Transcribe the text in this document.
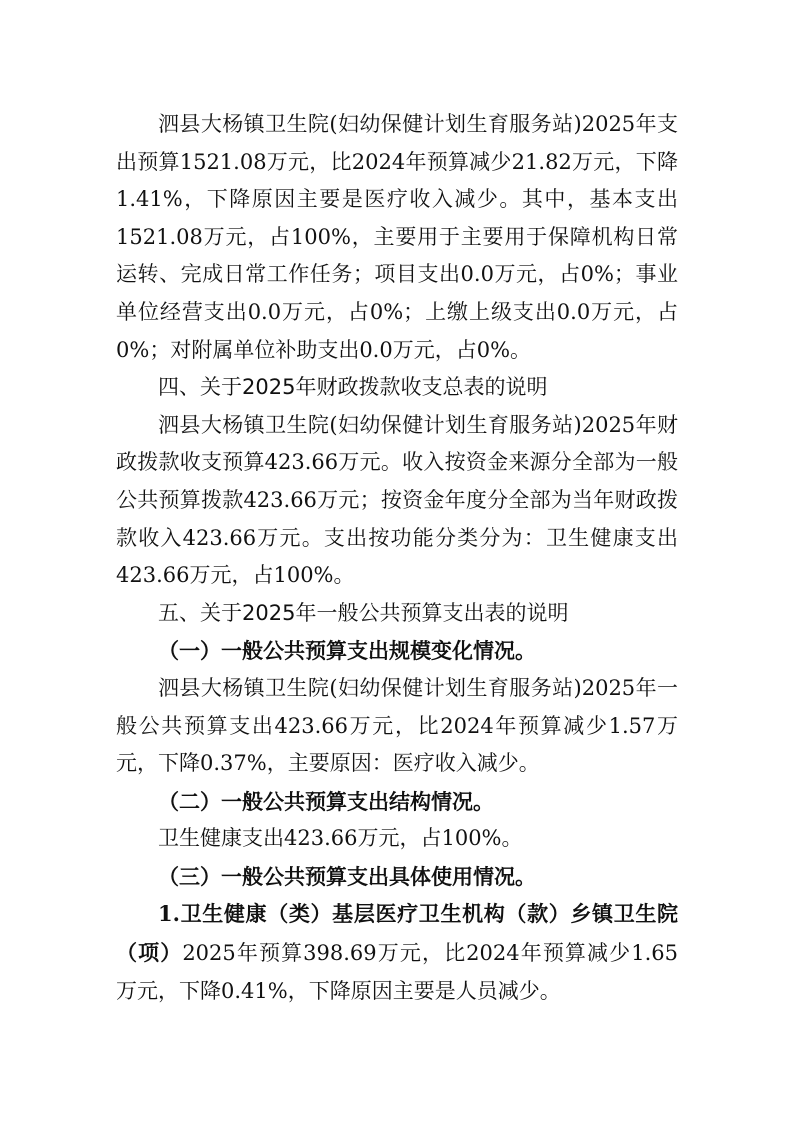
泗县大杨镇卫生院(妇幼保健计划生育服务站)2025年支出预算1521.08万元，比2024年预算减少21.82万元，下降1.41%，下降原因主要是医疗收入减少。其中，基本支出1521.08万元，占100%，主要用于主要用于保障机构日常运转、完成日常工作任务；项目支出0.0万元，占0%；事业单位经营支出0.0万元，占0%；上缴上级支出0.0万元，占0%；对附属单位补助支出0.0万元，占0%。

四、关于2025年财政拨款收支总表的说明

泗县大杨镇卫生院(妇幼保健计划生育服务站)2025年财政拨款收支预算423.66万元。收入按资金来源分全部为一般公共预算拨款423.66万元；按资金年度分全部为当年财政拨款收入423.66万元。支出按功能分类分为：卫生健康支出423.66万元，占100%。

五、关于2025年一般公共预算支出表的说明

（一）一般公共预算支出规模变化情况。

泗县大杨镇卫生院(妇幼保健计划生育服务站)2025年一般公共预算支出423.66万元，比2024年预算减少1.57万元，下降0.37%，主要原因：医疗收入减少。

（二）一般公共预算支出结构情况。

卫生健康支出423.66万元，占100%。

（三）一般公共预算支出具体使用情况。

1.卫生健康（类）基层医疗卫生机构（款）乡镇卫生院（项）2025年预算398.69万元，比2024年预算减少1.65万元，下降0.41%，下降原因主要是人员减少。
